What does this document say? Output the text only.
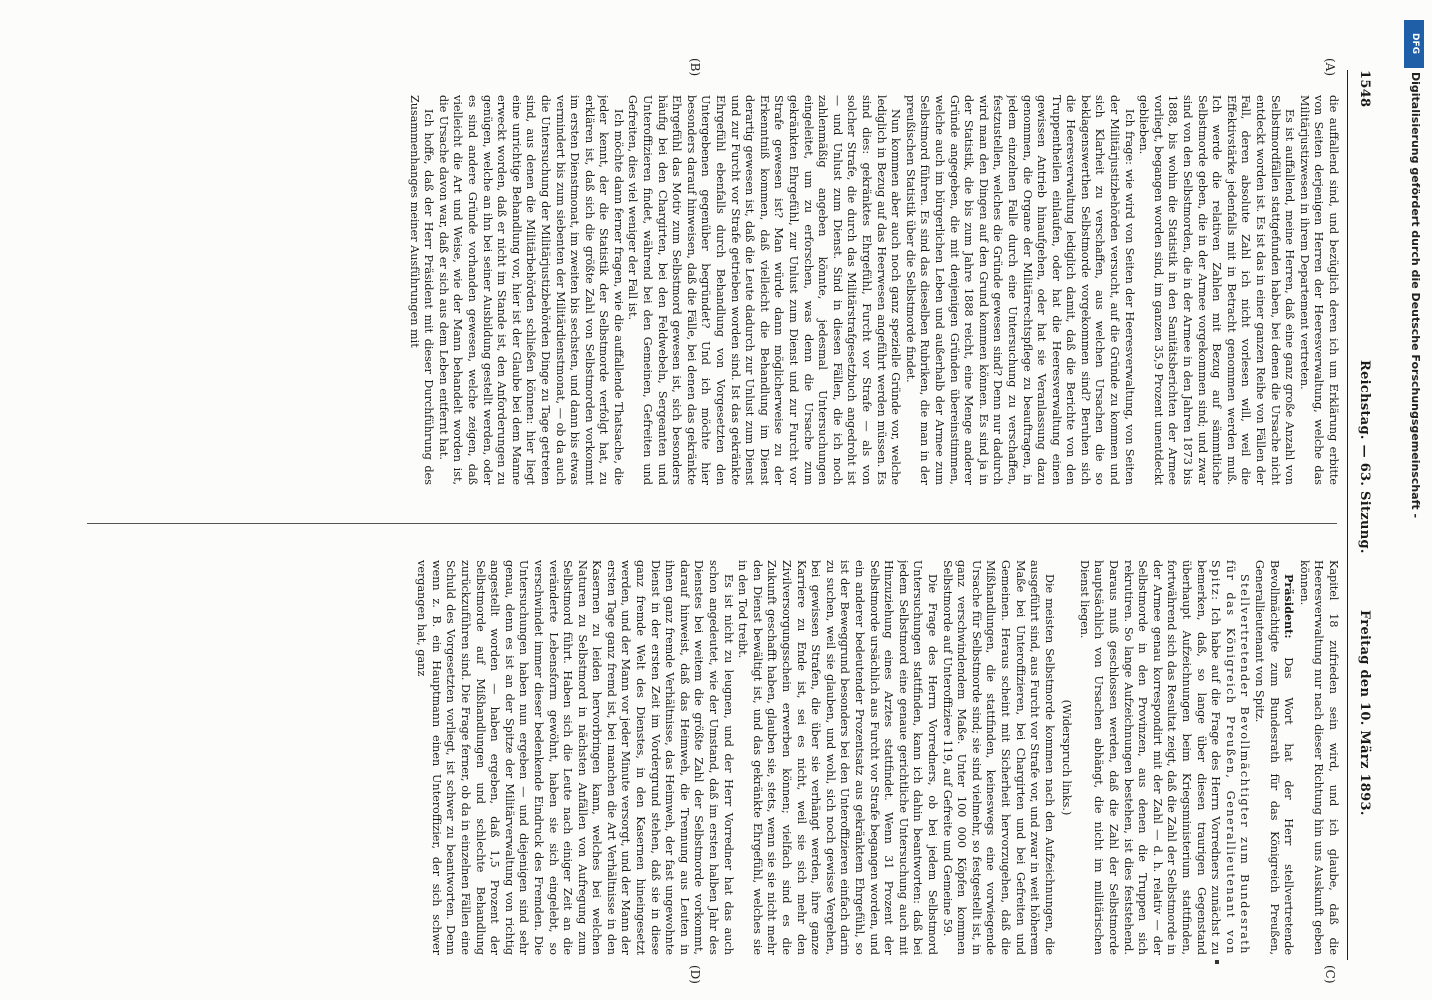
1548
Reichstag. — 63. Sitzung.
Freitag den 10. März 1893.
(A)
(B)
(C)
(D)

die auffallend sind, und bezüglich deren ich um Erklärung erbitte von Seiten derjenigen Herren der Heeresverwaltung, welche das Militärjustizwesen in ihrem Departement vertreten.

Es ist auffallend, meine Herren, daß eine ganz große Anzahl von Selbstmordfällen stattgefunden haben, bei denen die Ursache nicht entdeckt worden ist. Es ist das in einer ganzen Reihe von Fällen der Fall, deren absolute Zahl ich nicht vorlesen will, weil die Effektivstärke jedenfalls mit in Betracht genommen werden muß. Ich werde die relativen Zahlen mit Bezug auf sämmtliche Selbstmorde geben, die in der Armee vorgekommen sind; und zwar sind von den Selbstmorden, die in der Armee in den Jahren 1873 bis 1888, bis wohin die Statistik in den Sanitätsberichten der Armee vorliegt, begangen worden sind, im ganzen 35,9 Prozent unentdeckt geblieben.

Ich frage: wie wird von Seiten der Heeresverwaltung, von Seiten der Militärjustizbehörden versucht, auf die Gründe zu kommen und sich Klarheit zu verschaffen, aus welchen Ursachen die so beklagenswerthen Selbstmorde vorgekommen sind? Beruhen sich die Heeresverwaltung lediglich damit, daß die Berichte von den Truppentheilen einlaufen, oder hat die Heeresverwaltung einen gewissen Antrieb hinaufgehen, oder hat sie Veranlassung dazu genommen, die Organe der Militärrechtspflege zu beauftragen, in jedem einzelnen Falle durch eine Untersuchung zu verschaffen, festzustellen, welches die Gründe gewesen sind? Denn nur dadurch wird man den Dingen auf den Grund kommen können. Es sind ja in der Statistik, die bis zum Jahre 1888 reicht, eine Menge anderer Gründe angegeben, die mit denjenigen Gründen übereinstimmen, welche auch im bürgerlichen Leben und außerhalb der Armee zum Selbstmord führen. Es sind das dieselben Rubriken, die man in der preußischen Statistik über die Selbstmorde findet.

Nun kommen aber auch noch ganz spezielle Gründe vor, welche lediglich in Bezug auf das Heerwesen angeführt werden müssen. Es sind dies: gekränktes Ehrgefühl, Furcht vor Strafe — als von solcher Strafe, die durch das Militärstrafgesetzbuch angedroht ist — und Unlust zum Dienst. Sind in diesen Fällen, die ich noch zahlenmäßig angeben könnte, jedesmal Untersuchungen eingeleitet, um zu erforschen, was denn die Ursache zum gekränkten Ehrgefühl, zur Unlust zum Dienst und zur Furcht vor Strafe gewesen ist? Man würde dann möglicherweise zu der Erkenntniß kommen, daß vielleicht die Behandlung im Dienst derartig gewesen ist, daß die Leute dadurch zur Unlust zum Dienst und zur Furcht vor Strafe getrieben worden sind. Ist das gekränkte Ehrgefühl ebenfalls durch Behandlung von Vorgesetzten den Untergebenen gegenüber begründet? Und ich möchte hier besonders darauf hinweisen, daß die Fälle, bei denen das gekränkte Ehrgefühl das Motiv zum Selbstmord gewesen ist, sich besonders häufig bei den Chargirten, bei den Feldwebeln, Sergeanten und Unteroffizieren findet, während bei den Gemeinen, Gefreiten und Gefreiten, dies viel weniger der Fall ist.

Ich möchte dann ferner fragen, wie die auffallende Thatsache, die jeder kennt, der die Statistik der Selbstmorde verfolgt hat, zu erklären ist, daß sich die größte Zahl von Selbstmorden vorkommt im ersten Dienstmonat, im zweiten bis sechsten, und dann bis etwas vermindert bis zum siebenten der Militärdienstmonat, — ob da auch die Untersuchung der Militärjustizbehörden Dinge zu Tage getreten sind, aus denen die Militärbehörden schließen können: hier liegt eine unrichtige Behandlung vor, hier ist der Glaube bei dem Manne erweckt worden, daß er nicht im Stande ist, den Anforderungen zu genügen, welche an ihn bei seiner Ausbildung gestellt werden, oder es sind andere Gründe vorhanden gewesen, welche zeigen, daß vielleicht die Art und Weise, wie der Mann behandelt worden ist, die Ursache davon war, daß er sich aus dem Leben entfernt hat.

Ich hoffe, daß der Herr Präsident mit dieser Durchführung des Zusammenhanges meiner Ausführungen mit

Kapitel 18 zufrieden sein wird, und ich glaube, daß die Heeresverwaltung nur nach dieser Richtung hin uns Auskunft geben können.

Präsident: Das Wort hat der Herr stellvertretende Bevollmächtigte zum Bundesrath für das Königreich Preußen, Generallieutenant von Spitz.

Stellvertretender Bevollmächtigter zum Bundesrath für das Königreich Preußen, Generallieutenant von Spitz: Ich habe auf die Frage des Herrn Vorredners zunächst zu bemerken, daß, so lange über diesen traurigen Gegenstand überhaupt Aufzeichnungen beim Kriegsministerium stattfinden, fortwährend sich das Resultat zeigt, daß die Zahl der Selbstmorde in der Armee genau korrespondirt mit der Zahl — d. h. relativ — der Selbstmorde in den Provinzen, aus denen die Truppen sich rekrutiren. So lange Aufzeichnungen bestehen, ist dies feststehend. Daraus muß geschlossen werden, daß die Zahl der Selbstmorde hauptsächlich von Ursachen abhängt, die nicht im militärischen Dienst liegen.

(Widerspruch links.)

Die meisten Selbstmorde kommen nach den Aufzeichnungen, die ausgeführt sind, aus Furcht vor Strafe vor, und zwar in weit höherem Maße bei Unteroffizieren, bei Chargirten und bei Gefreiten und Gemeinen. Heraus scheint mit Sicherheit hervorzugehen, daß die Mißhandlungen, die stattfinden, keineswegs eine vorwiegende Ursache für Selbstmorde sind; sie sind vielmehr, so festgestellt ist, in ganz verschwindendem Maße. Unter 100 000 Köpfen kommen Selbstmorde auf Unteroffiziere 119, auf Gefreite und Gemeine 59.

Die Frage des Herrn Vorredners, ob bei jedem Selbstmord Untersuchungen stattfinden, kann ich dahin beantworten: daß bei jedem Selbstmord eine genaue gerichtliche Untersuchung auch mit Hinzuziehung eines Arztes stattfindet. Wenn 31 Prozent der Selbstmorde ursächlich aus Furcht vor Strafe begangen worden, und ein anderer bedeutender Prozentsatz aus gekränktem Ehrgefühl, so ist der Beweggrund besonders bei den Unteroffizieren einfach darin zu suchen, weil sie glauben, und wohl, sich noch gewisse Vergehen, bei gewissen Strafen, die über sie verhängt werden, ihre ganze Karriere zu Ende ist, sei es nicht, weil sie sich mehr den Zivilversorgungsschein erwerben können; vielfach sind es die Zukunft geschafft haben, glauben sie, stets, wenn sie sie nicht mehr den Dienst bewältigt ist, und das gekränkte Ehrgefühl, welches sie in den Tod treibt.

Es ist nicht zu leugnen, und der Herr Vorredner hat das auch schon angedeutet, wie der Umstand, daß im ersten halben Jahr des Dienstes bei weitem die größte Zahl der Selbstmorde vorkommt, darauf hinweist, daß das Heimweh, die Trennung aus Leuten in ihnen ganz fremde Verhältnisse, das Heimweh, der fast ungewohnte Dienst in der ersten Zeit im Vordergrund stehen, daß sie in diese ganz fremde Welt des Dienstes, in den Kasernen hineingesetzt werden, und der Mann vor jeder Minute versorgt, und der Mann der ersten Tage ganz fremd ist, bei manchen die Art Verhältnisse in den Kasernen zu leiden hervorbringen kann, welches bei welchen Naturen zu Selbstmord in nächsten Anfällen von Aufregung zum Selbstmord führt. Haben sich die Leute nach einiger Zeit an die veränderte Lebensform gewöhnt, haben sie sich eingelebt, so verschwindet immer dieser bedenkende Eindruck des Fremden. Die Untersuchungen haben nun ergeben — und diejenigen sind sehr genau, denn es ist an der Spitze der Militärverwaltung von richtig angestellt worden — haben ergeben, daß 1,5 Prozent der Selbstmorde auf Mißhandlungen und schlechte Behandlung zurückzuführen sind. Die Frage ferner, ob da in einzelnen Fällen eine Schuld des Vorgesetzten vorliegt, ist schwer zu beantworten. Denn wenn z. B. ein Hauptmann einen Unteroffizier, der sich schwer vergangen hat, ganz

DFG
Digitalisierung gefördert durch die Deutsche Forschungsgemeinschaft -
